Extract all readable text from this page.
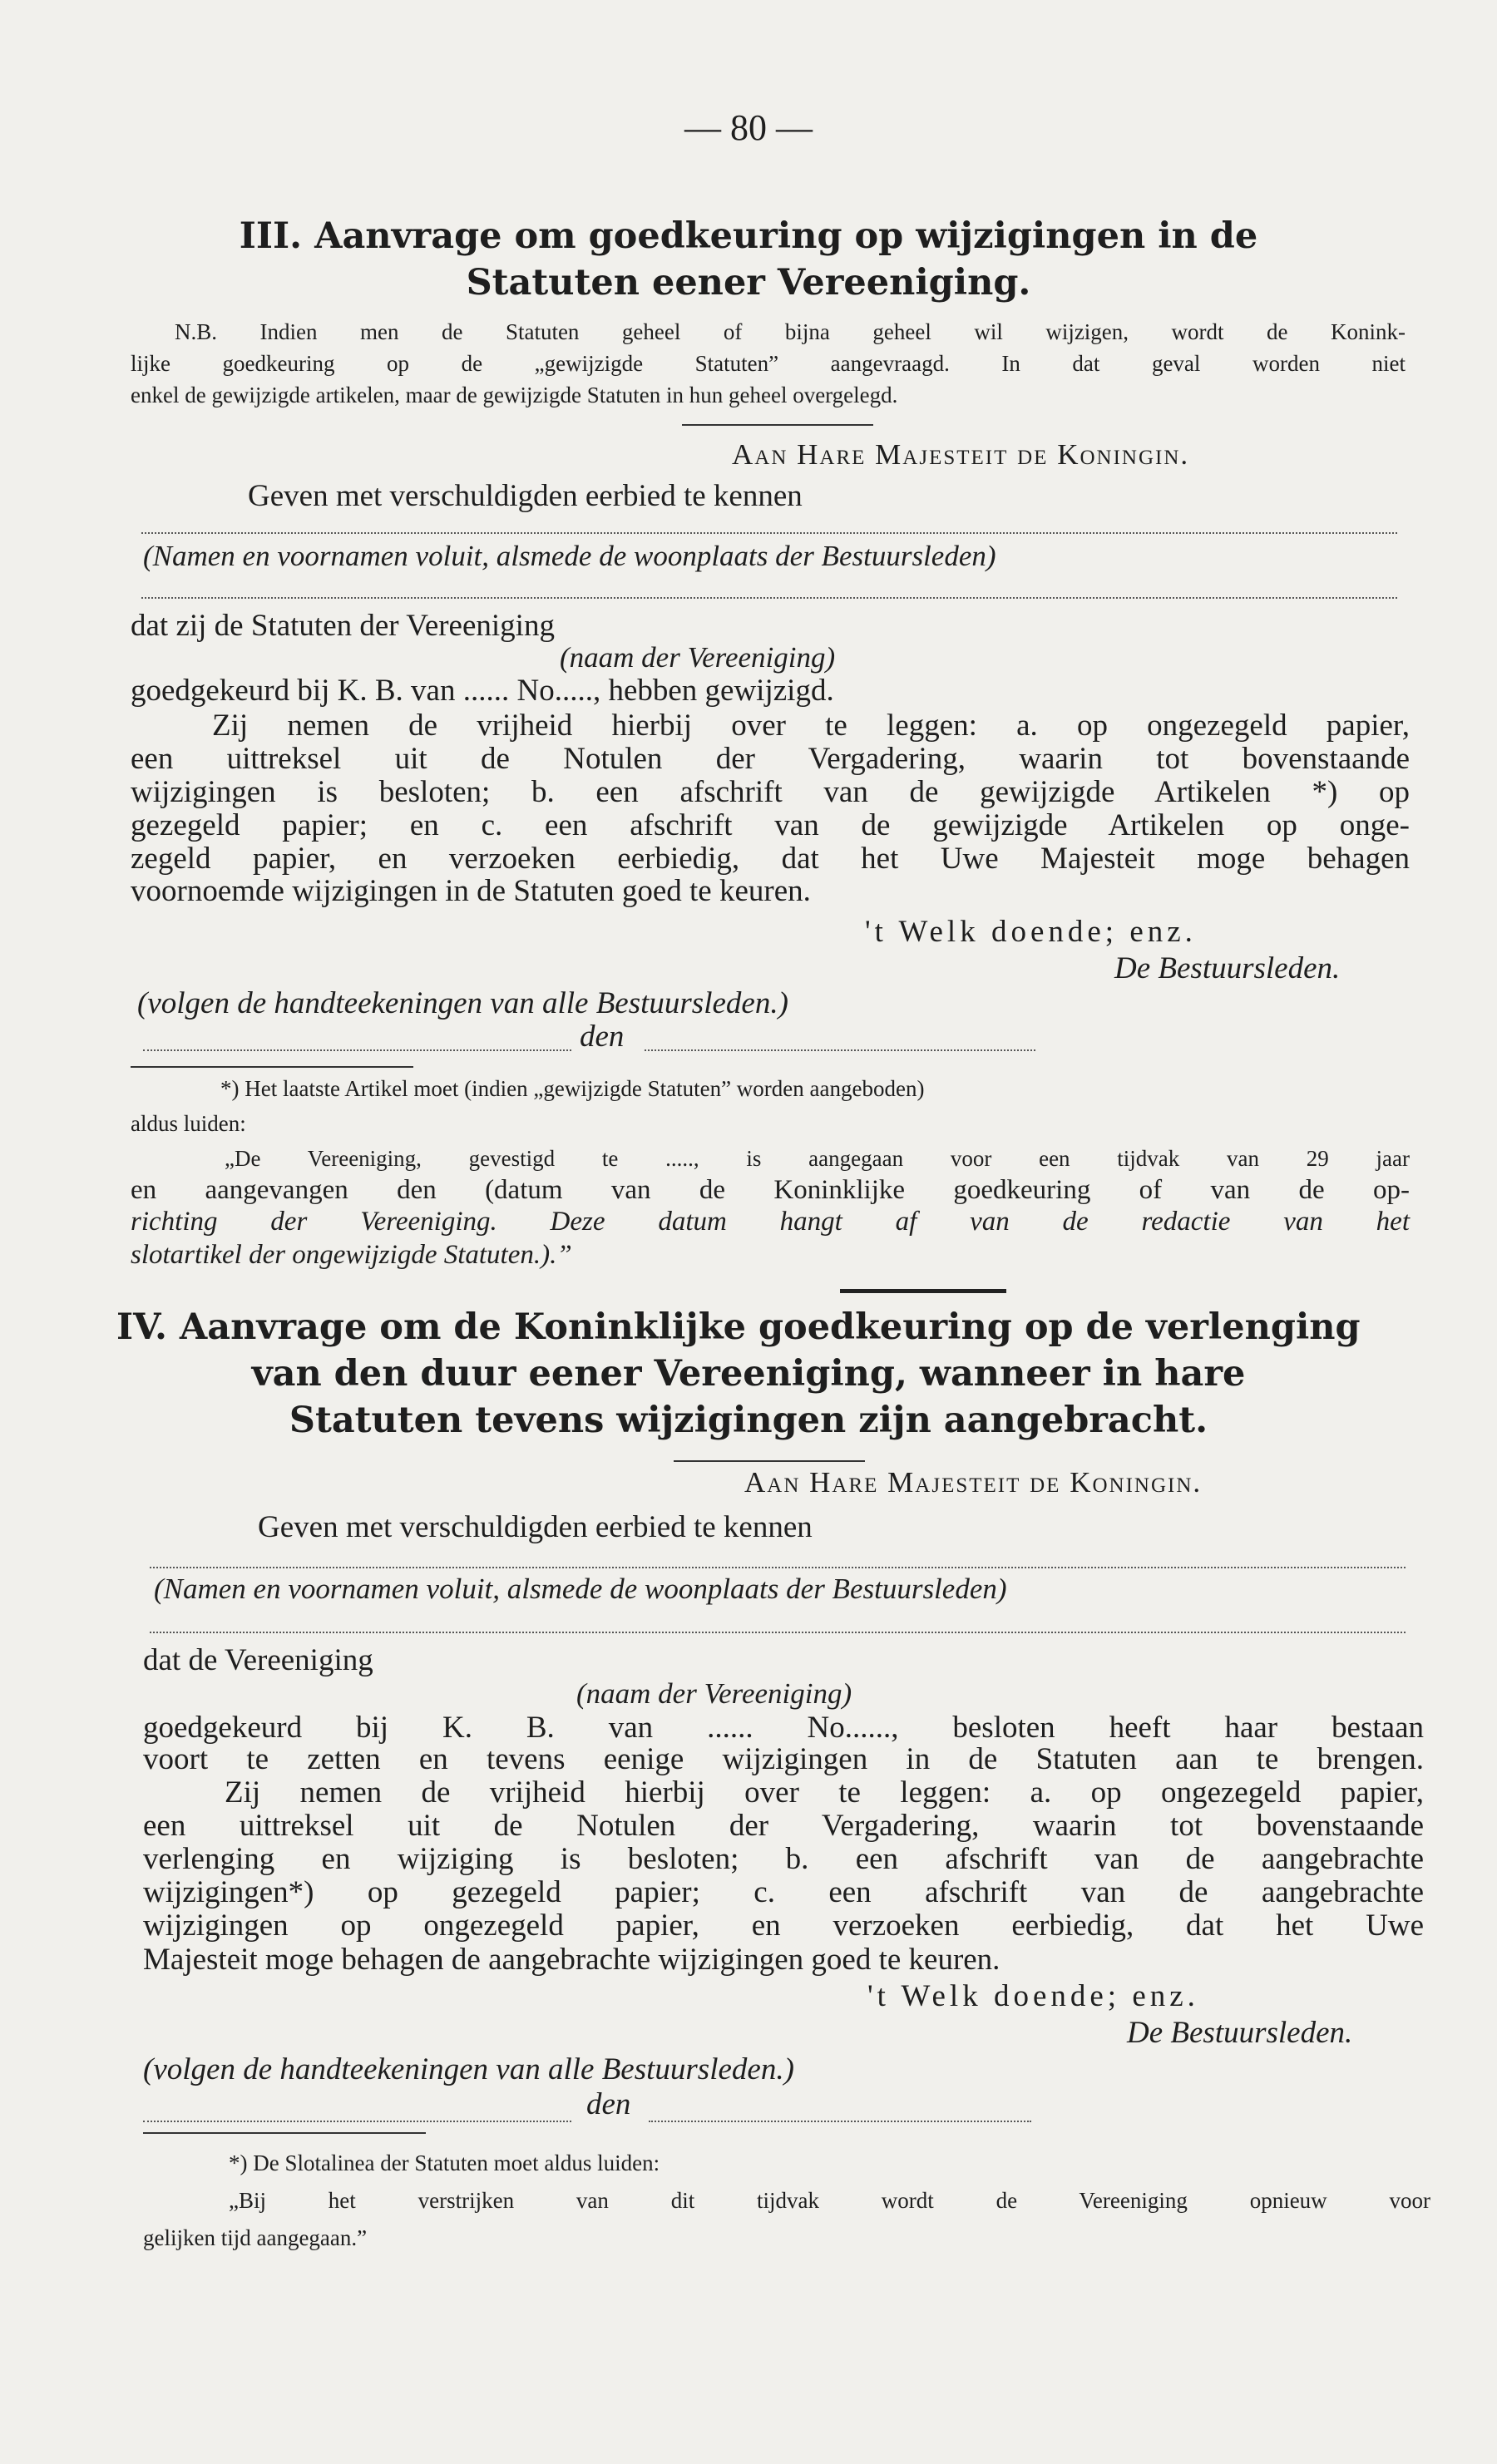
— 80 —
III. Aanvrage om goedkeuring op wijzigingen in de
Statuten eener Vereeniging.
N.B. Indien men de Statuten geheel of bijna geheel wil wijzigen, wordt de Konink-
lijke goedkeuring op de „gewijzigde Statuten” aangevraagd. In dat geval worden niet
enkel de gewijzigde artikelen, maar de gewijzigde Statuten in hun geheel overgelegd.
Aan Hare Majesteit de Koningin.
Geven met verschuldigden eerbied te kennen
(Namen en voornamen voluit, alsmede de woonplaats der Bestuursleden)
dat zij de Statuten der Vereeniging
(naam der Vereeniging)
goedgekeurd bij K. B. van ...... No....., hebben gewijzigd.
Zij nemen de vrijheid hierbij over te leggen: a. op ongezegeld papier,
een uittreksel uit de Notulen der Vergadering, waarin tot bovenstaande
wijzigingen is besloten; b. een afschrift van de gewijzigde Artikelen *) op
gezegeld papier; en c. een afschrift van de gewijzigde Artikelen op onge-
zegeld papier, en verzoeken eerbiedig, dat het Uwe Majesteit moge behagen
voornoemde wijzigingen in de Statuten goed te keuren.
't Welk doende; enz.
De Bestuursleden.
(volgen de handteekeningen van alle Bestuursleden.)
den
*) Het laatste Artikel moet (indien „gewijzigde Statuten” worden aangeboden)
aldus luiden:
„De Vereeniging, gevestigd te ....., is aangegaan voor een tijdvak van 29 jaar
en aangevangen den (datum van de Koninklijke goedkeuring of van de op-
richting der Vereeniging. Deze datum hangt af van de redactie van het
slotartikel der ongewijzigde Statuten.).”
IV. Aanvrage om de Koninklijke goedkeuring op de verlenging
van den duur eener Vereeniging, wanneer in hare
Statuten tevens wijzigingen zijn aangebracht.
Aan Hare Majesteit de Koningin.
Geven met verschuldigden eerbied te kennen
(Namen en voornamen voluit, alsmede de woonplaats der Bestuursleden)
dat de Vereeniging
(naam der Vereeniging)
goedgekeurd bij K. B. van ...... No......, besloten heeft haar bestaan
voort te zetten en tevens eenige wijzigingen in de Statuten aan te brengen.
Zij nemen de vrijheid hierbij over te leggen: a. op ongezegeld papier,
een uittreksel uit de Notulen der Vergadering, waarin tot bovenstaande
verlenging en wijziging is besloten; b. een afschrift van de aangebrachte
wijzigingen*) op gezegeld papier; c. een afschrift van de aangebrachte
wijzigingen op ongezegeld papier, en verzoeken eerbiedig, dat het Uwe
Majesteit moge behagen de aangebrachte wijzigingen goed te keuren.
't Welk doende; enz.
De Bestuursleden.
(volgen de handteekeningen van alle Bestuursleden.)
den
*) De Slotalinea der Statuten moet aldus luiden:
„Bij het verstrijken van dit tijdvak wordt de Vereeniging opnieuw voor
gelijken tijd aangegaan.”
